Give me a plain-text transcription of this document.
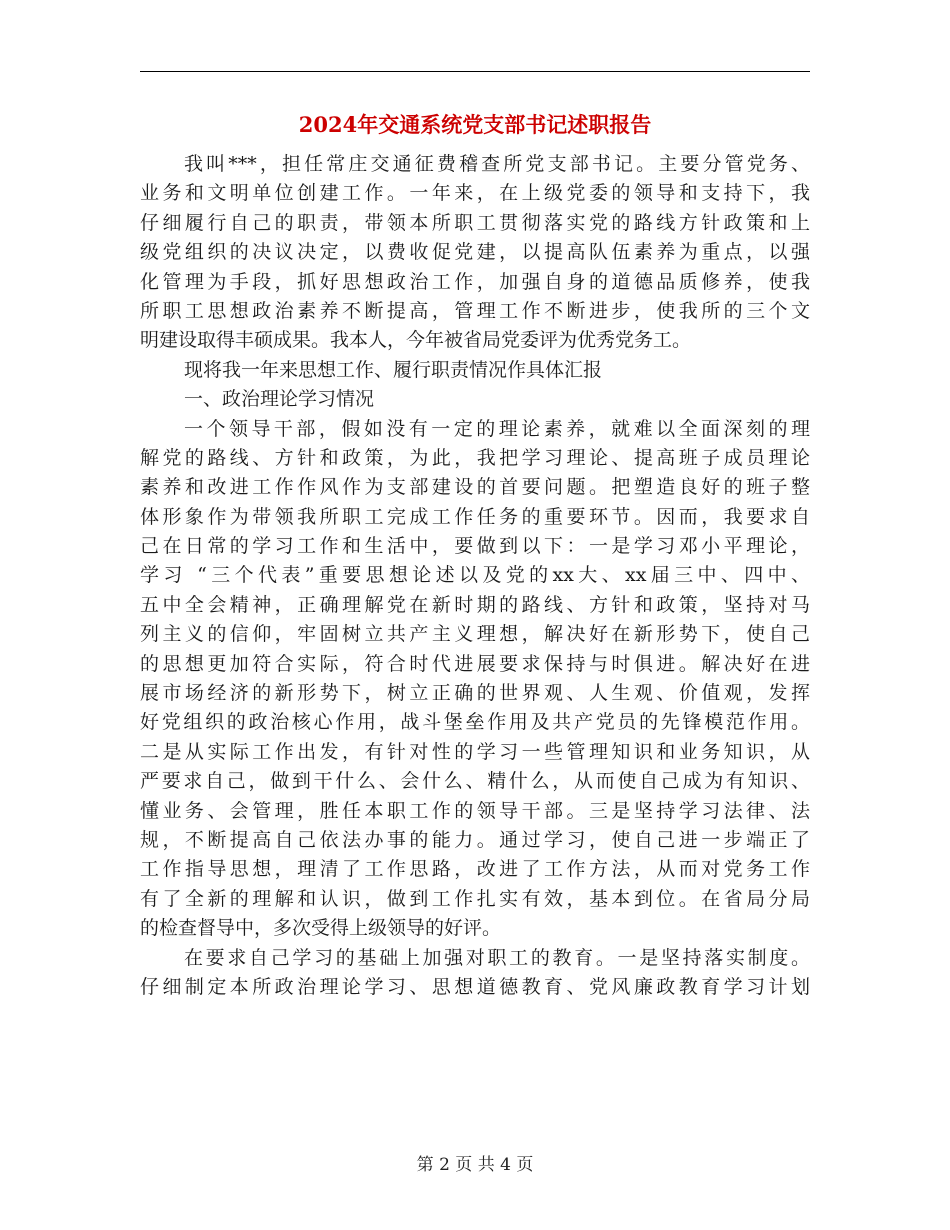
2024年交通系统党支部书记述职报告
我叫***，担任常庄交通征费稽查所党支部书记。主要分管党务、
业务和文明单位创建工作。一年来，在上级党委的领导和支持下，我
仔细履行自己的职责，带领本所职工贯彻落实党的路线方针政策和上
级党组织的决议决定，以费收促党建，以提高队伍素养为重点，以强
化管理为手段，抓好思想政治工作，加强自身的道德品质修养，使我
所职工思想政治素养不断提高，管理工作不断进步，使我所的三个文
明建设取得丰硕成果。我本人，今年被省局党委评为优秀党务工。
现将我一年来思想工作、履行职责情况作具体汇报
一、政治理论学习情况
一个领导干部，假如没有一定的理论素养，就难以全面深刻的理
解党的路线、方针和政策，为此，我把学习理论、提高班子成员理论
素养和改进工作作风作为支部建设的首要问题。把塑造良好的班子整
体形象作为带领我所职工完成工作任务的重要环节。因而，我要求自
己在日常的学习工作和生活中，要做到以下：一是学习邓小平理论，
学习 “三个代表”重要思想论述以及党的xx大、xx届三中、四中、
五中全会精神，正确理解党在新时期的路线、方针和政策，坚持对马
列主义的信仰，牢固树立共产主义理想，解决好在新形势下，使自己
的思想更加符合实际，符合时代进展要求保持与时俱进。解决好在进
展市场经济的新形势下，树立正确的世界观、人生观、价值观，发挥
好党组织的政治核心作用，战斗堡垒作用及共产党员的先锋模范作用。
二是从实际工作出发，有针对性的学习一些管理知识和业务知识，从
严要求自己，做到干什么、会什么、精什么，从而使自己成为有知识、
懂业务、会管理，胜任本职工作的领导干部。三是坚持学习法律、法
规，不断提高自己依法办事的能力。通过学习，使自己进一步端正了
工作指导思想，理清了工作思路，改进了工作方法，从而对党务工作
有了全新的理解和认识，做到工作扎实有效，基本到位。在省局分局
的检查督导中，多次受得上级领导的好评。
在要求自己学习的基础上加强对职工的教育。一是坚持落实制度。
仔细制定本所政治理论学习、思想道德教育、党风廉政教育学习计划
第 2 页 共 4 页
